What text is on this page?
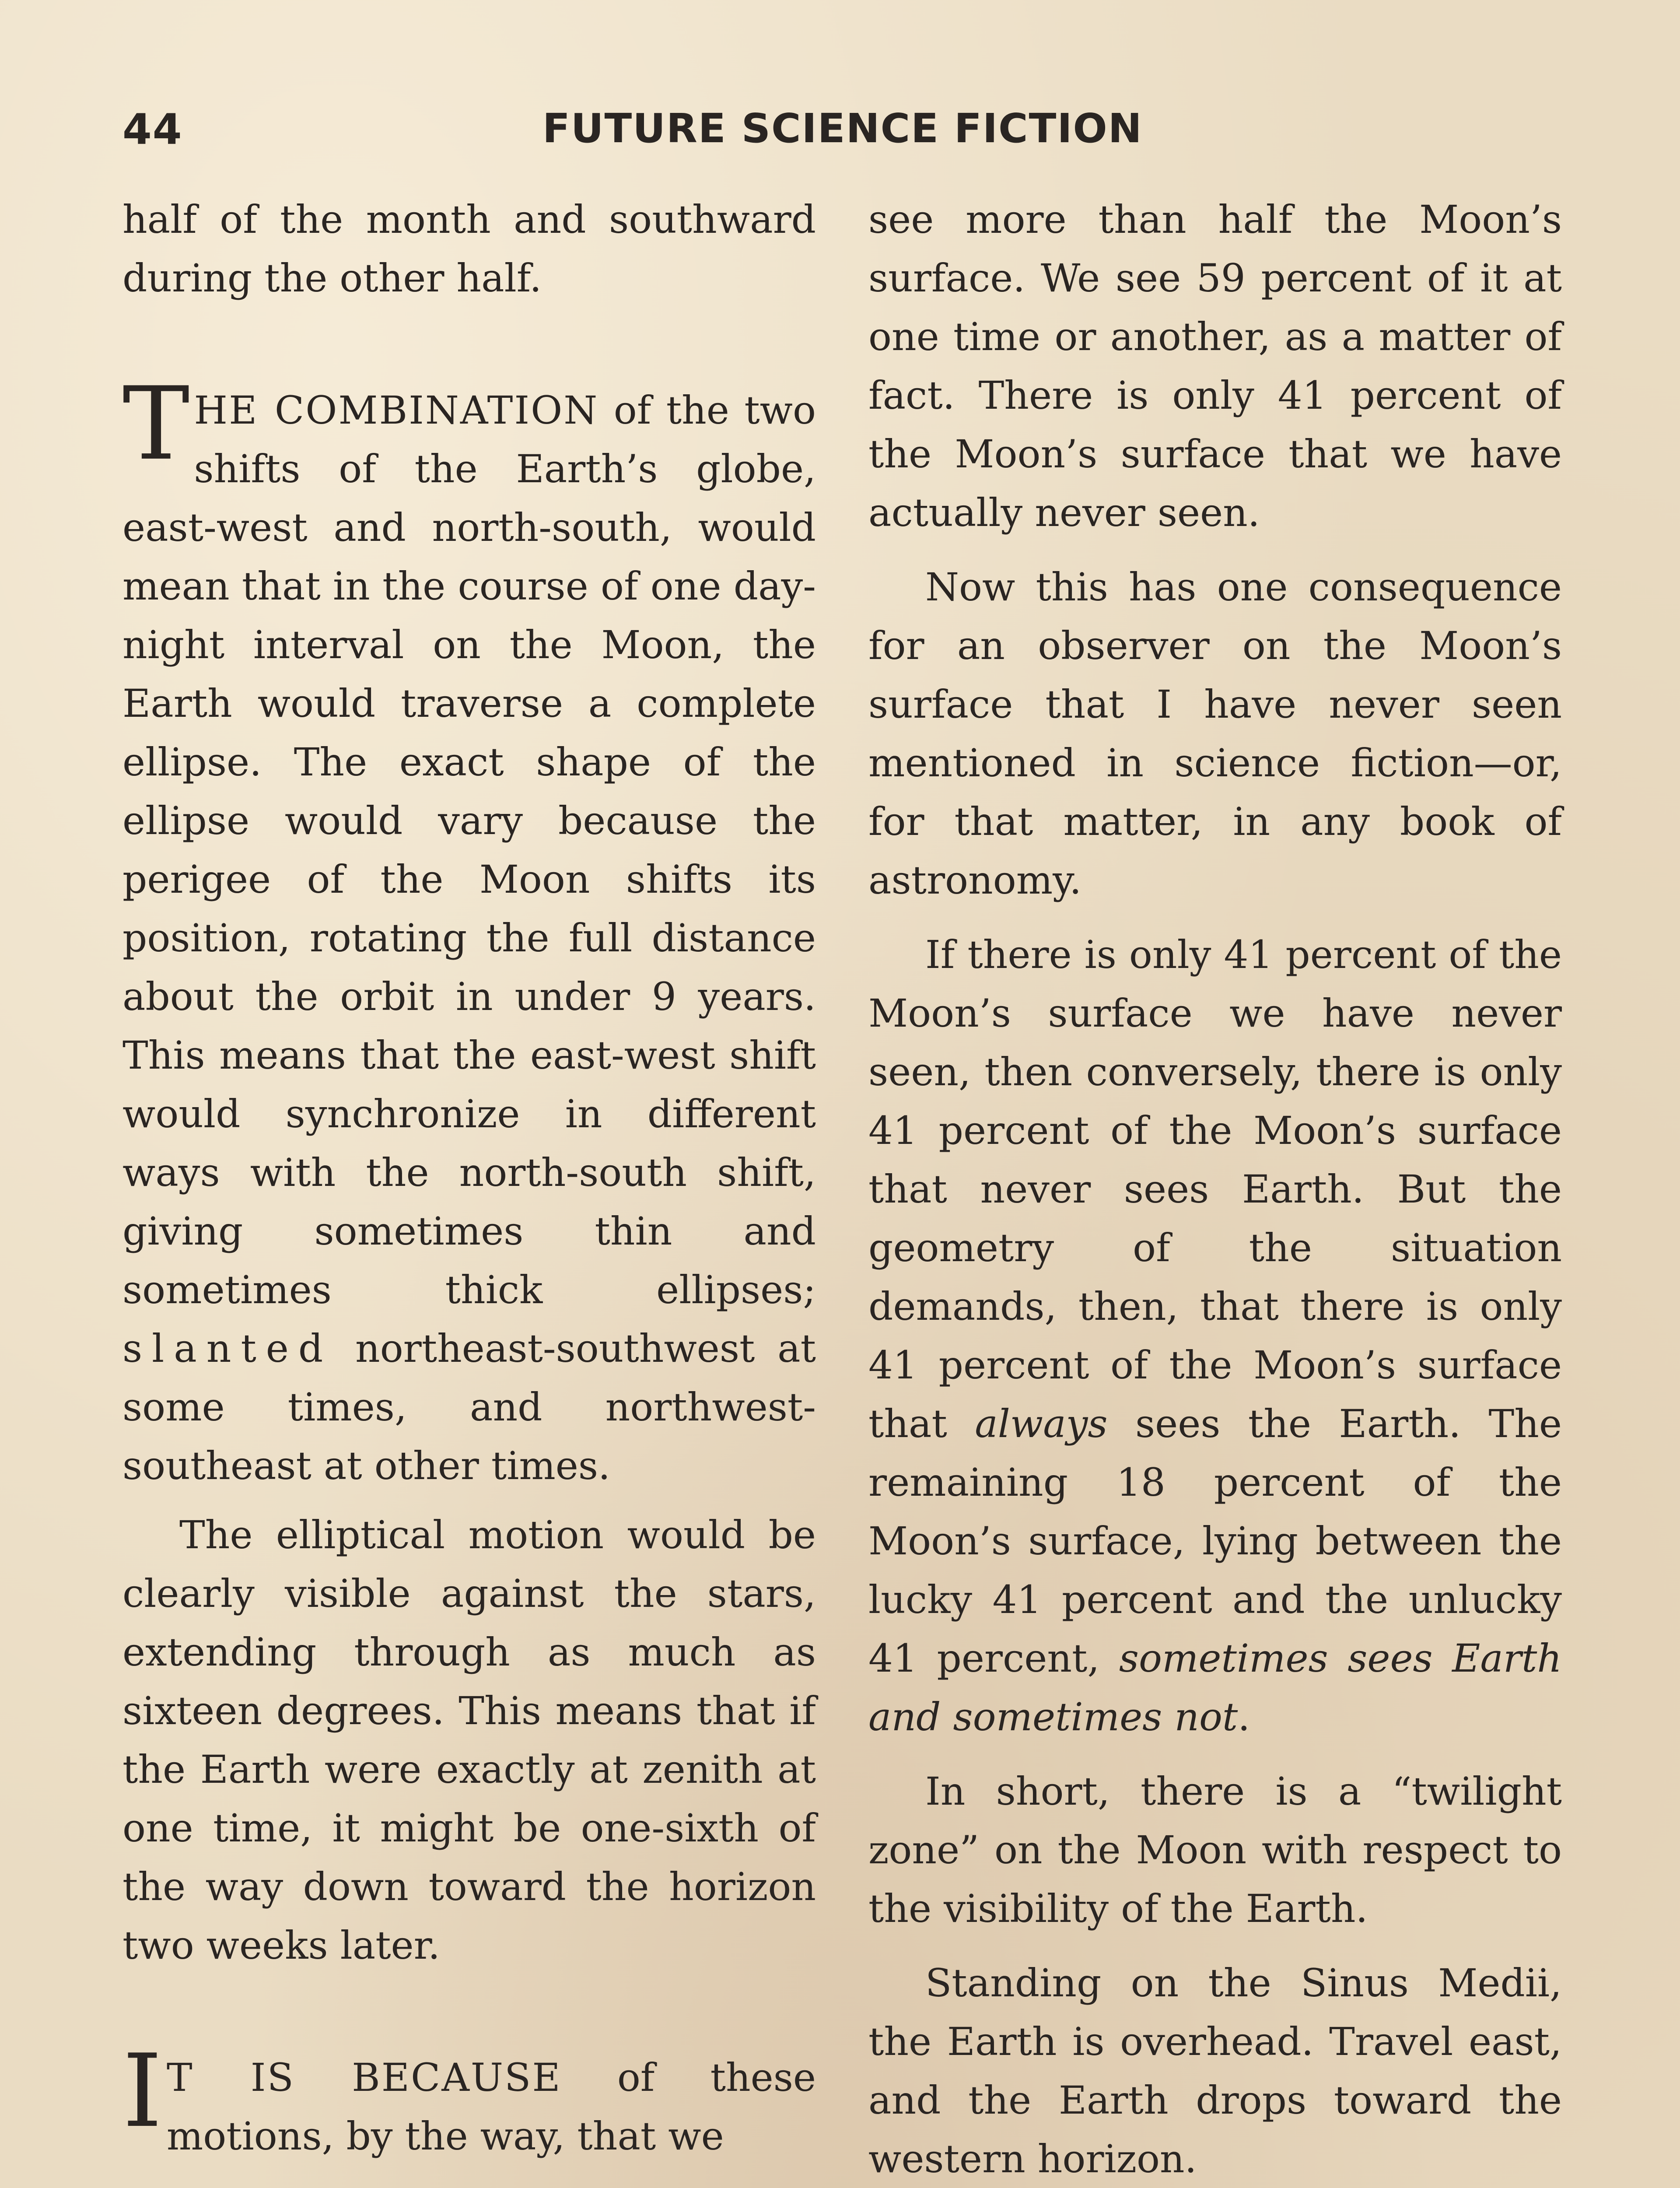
44	FUTURE SCIENCE FICTION

half of the month and southward during the other half.

THE COMBINATION of the two shifts of the Earth’s globe, east-west and north-south, would mean that in the course of one day-night interval on the Moon, the Earth would traverse a complete ellipse. The exact shape of the ellipse would vary because the perigee of the Moon shifts its position, rotating the full distance about the orbit in under 9 years. This means that the east-west shift would synchronize in different ways with the north-south shift, giving sometimes thin and sometimes thick ellipses; slanted northeast-southwest at some times, and northwest-southeast at other times.

The elliptical motion would be clearly visible against the stars, extending through as much as sixteen degrees. This means that if the Earth were exactly at zenith at one time, it might be one-sixth of the way down toward the horizon two weeks later.

I T IS BECAUSE of these motions, by the way, that we

see more than half the Moon’s surface. We see 59 percent of it at one time or another, as a matter of fact. There is only 41 percent of the Moon’s surface that we have actually never seen.

Now this has one consequence for an observer on the Moon’s surface that I have never seen mentioned in science fiction—or, for that matter, in any book of astronomy.

If there is only 41 percent of the Moon’s surface we have never seen, then conversely, there is only 41 percent of the Moon’s surface that never sees Earth. But the geometry of the situation demands, then, that there is only 41 percent of the Moon’s surface that always sees the Earth. The remaining 18 percent of the Moon’s surface, lying between the lucky 41 percent and the unlucky 41 percent, sometimes sees Earth and sometimes not.

In short, there is a “twilight zone” on the Moon with respect to the visibility of the Earth.

Standing on the Sinus Medii, the Earth is overhead. Travel east, and the Earth drops toward the western horizon.
